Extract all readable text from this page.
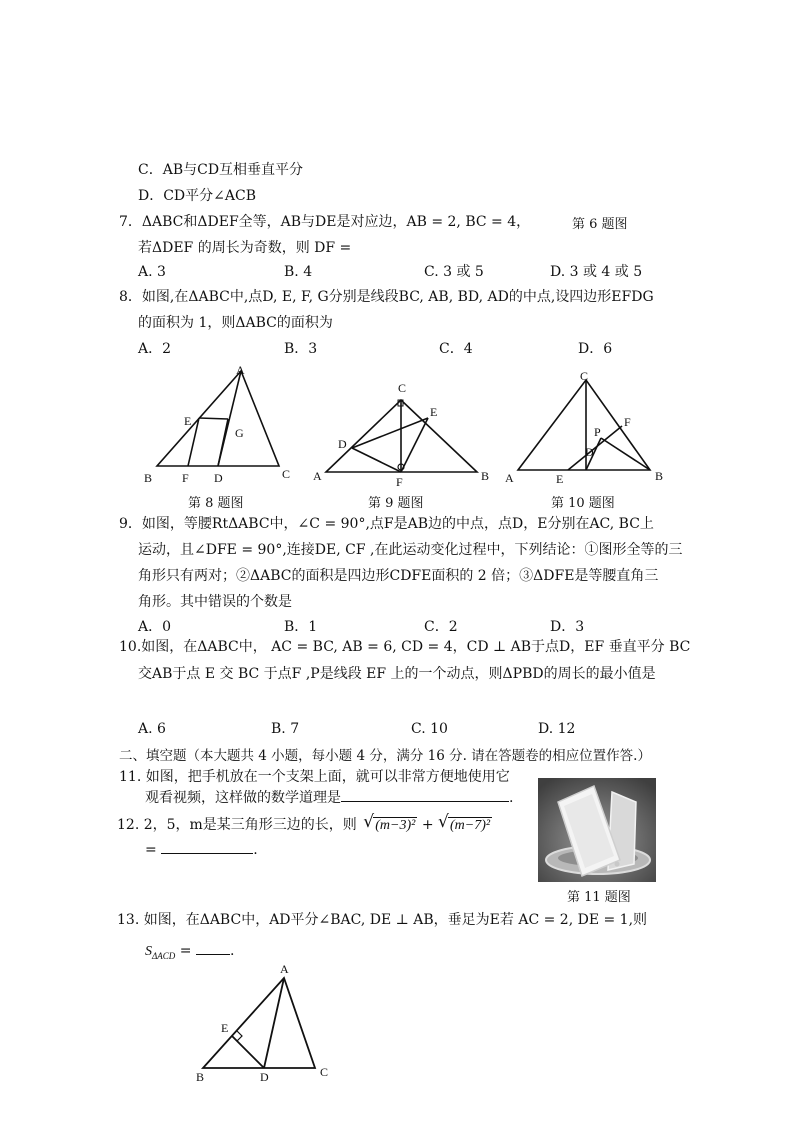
C．AB与CD互相垂直平分
D．CD平分∠ACB
7．ΔABC和ΔDEF全等，AB与DE是对应边，AB = 2, BC = 4，	第 6 题图
若ΔDEF 的周长为奇数，则 DF =
A. 3	B. 4	C. 3 或 5	D. 3 或 4 或 5
8．如图,在ΔABC中,点D, E, F, G分别是线段BC, AB, BD, AD的中点,设四边形EFDG
的面积为 1，则ΔABC的面积为
A．2	B．3	C．4	D．6
A
B	C
D
E
F
G
第 8 题图
C
A	B
D
E
F
第 9 题图
C
A	B
D
E
F
P
第 10 题图
9．如图，等腰RtΔABC中，∠C = 90°,点F是AB边的中点，点D，E分别在AC, BC上
运动，且∠DFE = 90°,连接DE, CF ,在此运动变化过程中，下列结论：①图形全等的三
角形只有两对；②ΔABC的面积是四边形CDFE面积的 2 倍；③ΔDFE是等腰直角三
角形。其中错误的个数是
A．0	B．1	C．2	D．3
10.如图，在ΔABC中， AC = BC, AB = 6, CD = 4，CD ⊥ AB于点D，EF 垂直平分 BC
交AB于点 E 交 BC 于点F ,P是线段 EF 上的一个动点，则ΔPBD的周长的最小值是
A. 6	B. 7	C. 10	D. 12
二、填空题（本大题共 4 小题，每小题 4 分，满分 16 分. 请在答题卷的相应位置作答.）
11. 如图，把手机放在一个支架上面，就可以非常方便地使用它
观看视频，这样做的数学道理是	.
第 11 题图
12. 2，5，m是某三角形三边的长，则 √ (m−3)² + √ (m−7)²
=	.
13. 如图，在ΔABC中，AD平分∠BAC, DE ⊥ AB，垂足为E若 AC = 2, DE = 1,则
$S_{\Delta ACD}$ =	.
A
B	C
D
E
